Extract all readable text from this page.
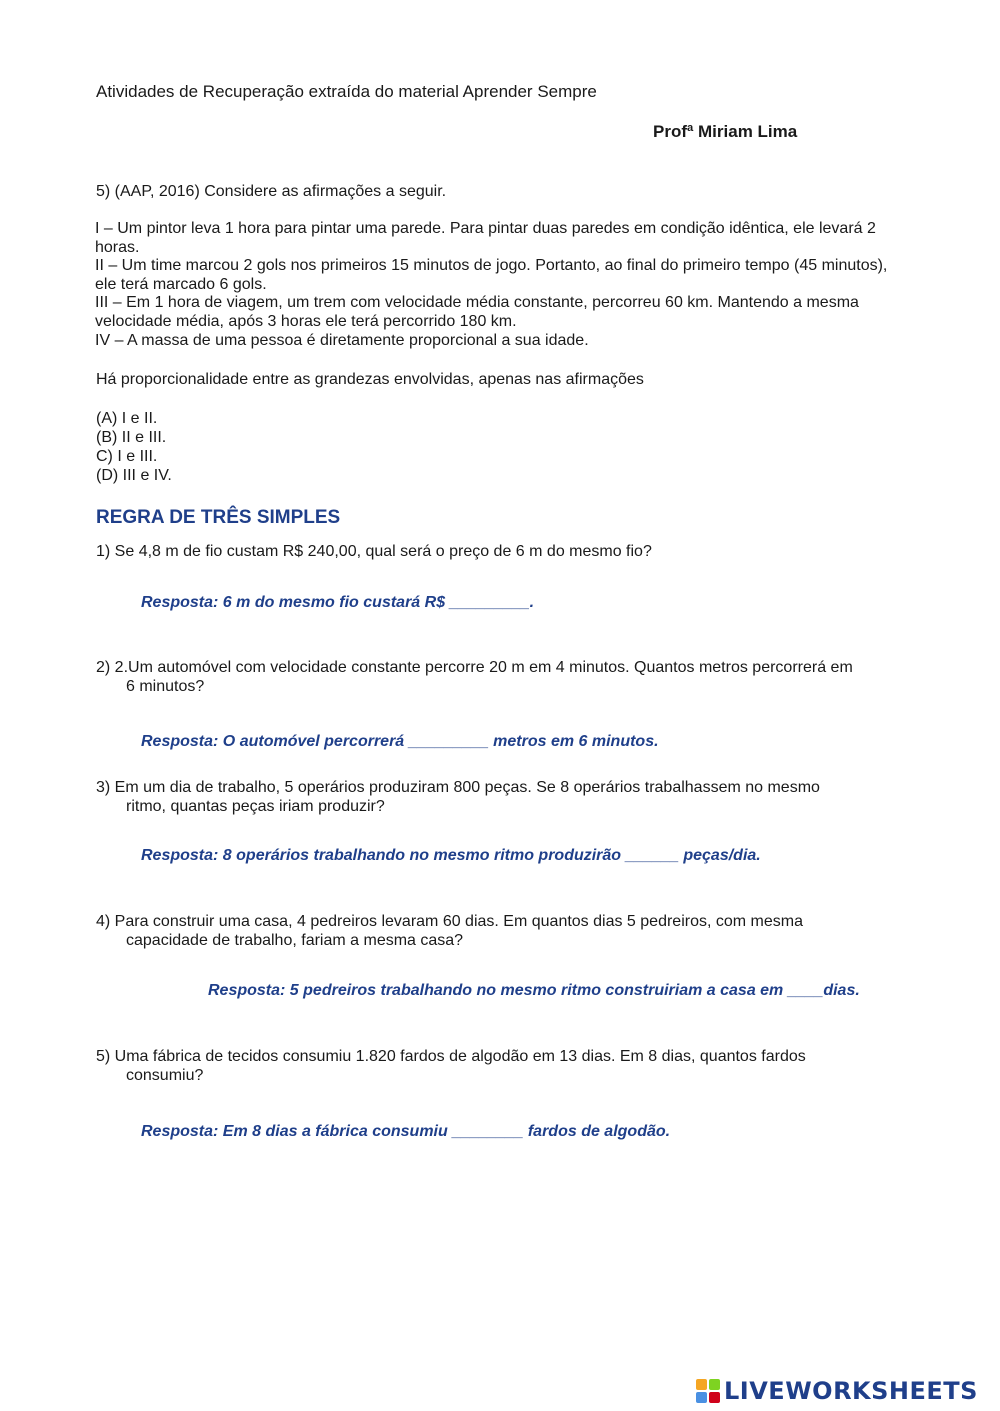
Atividades de Recuperação extraída do material Aprender Sempre
Profª Miriam Lima
5) (AAP, 2016) Considere as afirmações a seguir.

I – Um pintor leva 1 hora para pintar uma parede. Para pintar duas paredes em condição idêntica, ele levará 2 horas.

II – Um time marcou 2 gols nos primeiros 15 minutos de jogo. Portanto, ao final do primeiro tempo (45 minutos), ele terá marcado 6 gols.

III – Em 1 hora de viagem, um trem com velocidade média constante, percorreu 60 km. Mantendo a mesma velocidade média, após 3 horas ele terá percorrido 180 km.

IV – A massa de uma pessoa é diretamente proporcional a sua idade.

Há proporcionalidade entre as grandezas envolvidas, apenas nas afirmações
(A) I e II.
(B) II e III.
C) I e III.
(D) III e IV.
REGRA DE TRÊS SIMPLES
1) Se 4,8 m de fio custam R$ 240,00, qual será o preço de 6 m do mesmo fio?
Resposta: 6 m do mesmo fio custará R$ _________.
2) 2.Um automóvel com velocidade constante percorre 20 m em 4 minutos. Quantos metros percorrerá em
6 minutos?
Resposta: O automóvel percorrerá _________ metros em 6 minutos.
3) Em um dia de trabalho, 5 operários produziram 800 peças. Se 8 operários trabalhassem no mesmo
ritmo, quantas peças iriam produzir?
Resposta: 8 operários trabalhando no mesmo ritmo produzirão ______ peças/dia.
4) Para construir uma casa, 4 pedreiros levaram 60 dias. Em quantos dias 5 pedreiros, com mesma
capacidade de trabalho, fariam a mesma casa?
Resposta: 5 pedreiros trabalhando no mesmo ritmo construiriam a casa em ____dias.
5) Uma fábrica de tecidos consumiu 1.820 fardos de algodão em 13 dias. Em 8 dias, quantos fardos
consumiu?
Resposta: Em 8 dias a fábrica consumiu ________ fardos de algodão.
LIVEWORKSHEETS
